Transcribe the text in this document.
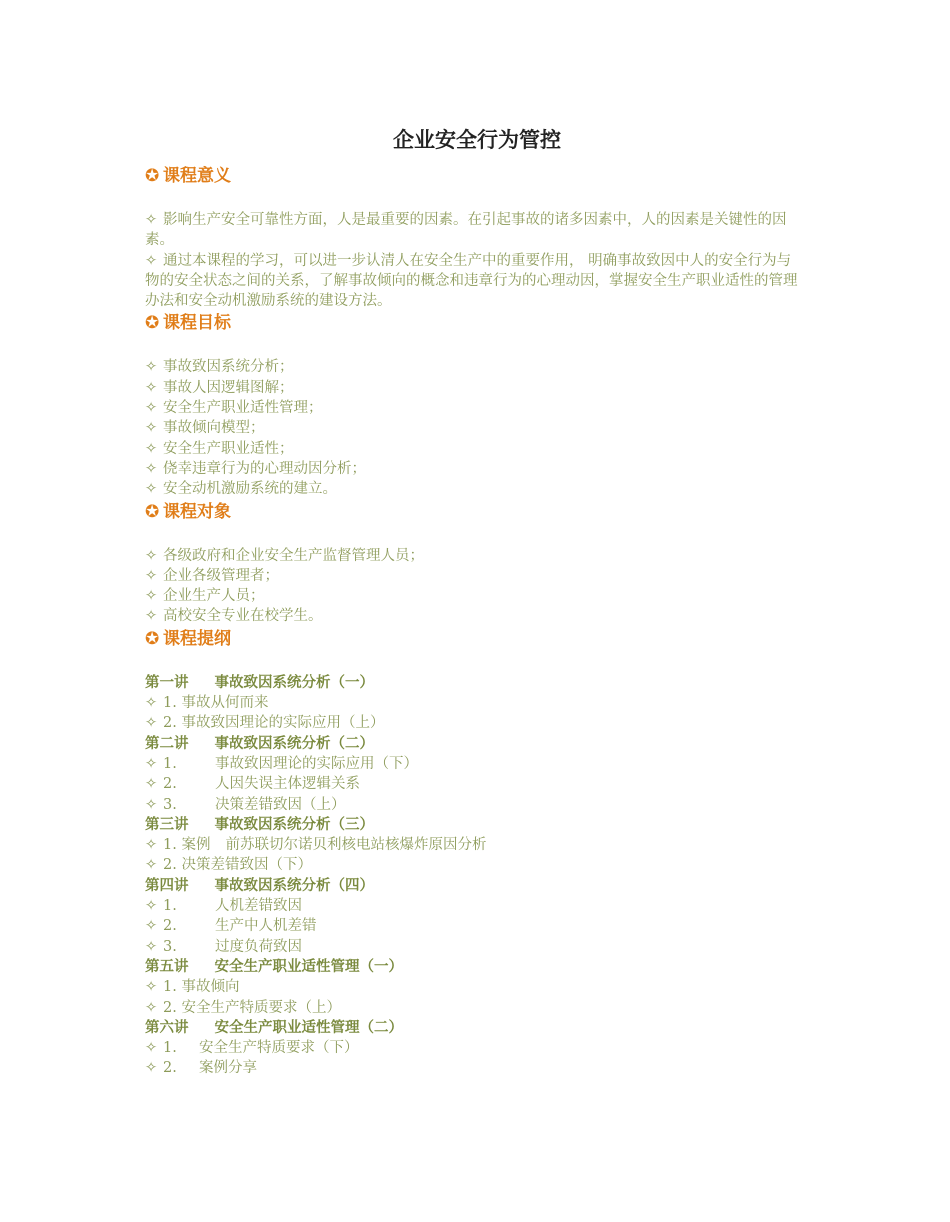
企业安全行为管控
✪ 课程意义

✧ 影响生产安全可靠性方面，人是最重要的因素。在引起事故的诸多因素中，人的因素是关键性的因素。

✧ 通过本课程的学习，可以进一步认清人在安全生产中的重要作用， 明确事故致因中人的安全行为与物的安全状态之间的关系，了解事故倾向的概念和违章行为的心理动因，掌握安全生产职业适性的管理办法和安全动机激励系统的建设方法。

✪ 课程目标

✧ 事故致因系统分析；

✧ 事故人因逻辑图解；

✧ 安全生产职业适性管理；

✧ 事故倾向模型；

✧ 安全生产职业适性；

✧ 侥幸违章行为的心理动因分析；

✧ 安全动机激励系统的建立。

✪ 课程对象

✧ 各级政府和企业安全生产监督管理人员；

✧ 企业各级管理者；

✧ 企业生产人员；

✧ 高校安全专业在校学生。

✪ 课程提纲

第一讲 事故致因系统分析（一）

✧ 1. 事故从何而来

✧ 2. 事故致因理论的实际应用（上）

第二讲 事故致因系统分析（二）

✧ 1.	事故致因理论的实际应用（下）

✧ 2.	人因失误主体逻辑关系

✧ 3.	决策差错致因（上）

第三讲 事故致因系统分析（三）

✧ 1. 案例 前苏联切尔诺贝利核电站核爆炸原因分析

✧ 2. 决策差错致因（下）

第四讲 事故致因系统分析（四）

✧ 1.	人机差错致因

✧ 2.	生产中人机差错

✧ 3.	过度负荷致因

第五讲 安全生产职业适性管理（一）

✧ 1. 事故倾向

✧ 2. 安全生产特质要求（上）

第六讲 安全生产职业适性管理（二）

✧ 1. 安全生产特质要求（下）

✧ 2. 案例分享
